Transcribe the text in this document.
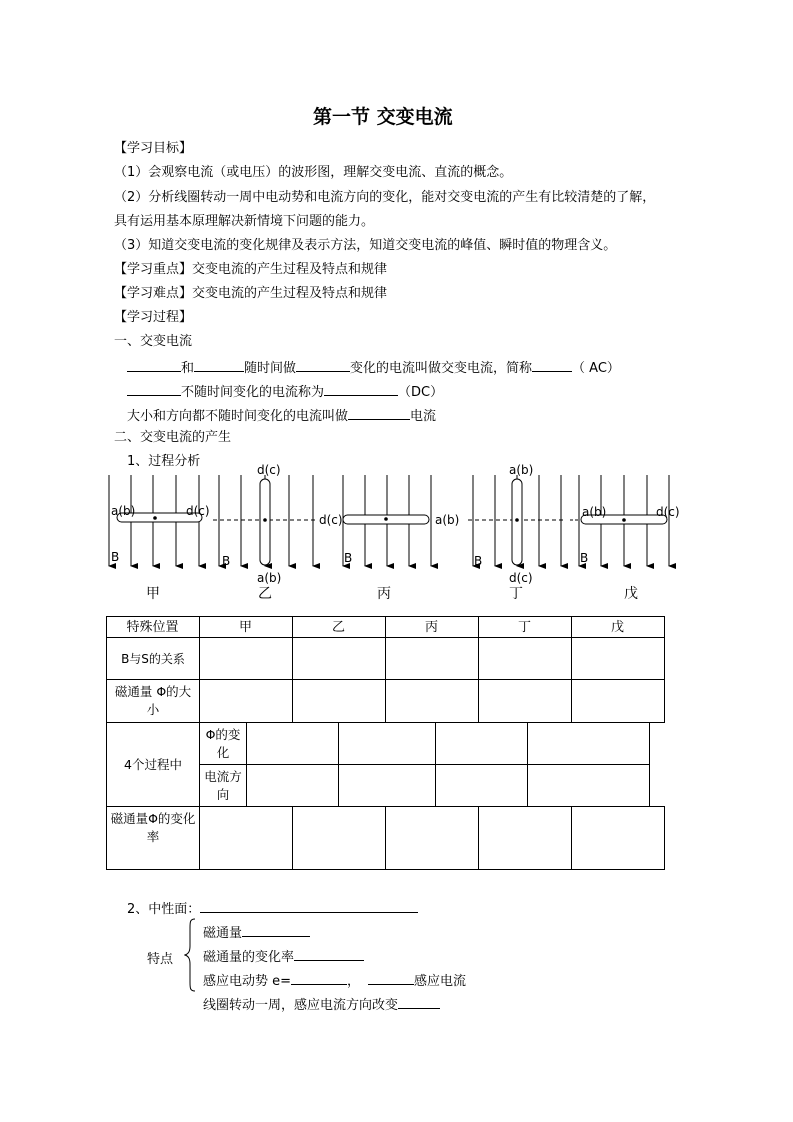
第一节 交变电流
【学习目标】
（1）会观察电流（或电压）的波形图，理解交变电流、直流的概念。
（2）分析线圈转动一周中电动势和电流方向的变化，能对交变电流的产生有比较清楚的了解，
具有运用基本原理解决新情境下问题的能力。
（3）知道交变电流的变化规律及表示方法，知道交变电流的峰值、瞬时值的物理含义。
【学习重点】交变电流的产生过程及特点和规律
【学习难点】交变电流的产生过程及特点和规律
【学习过程】
一、交变电流
和	随时间做	变化的电流叫做交变电流，简称	（ AC）
不随时间变化的电流称为	（DC）
大小和方向都不随时间变化的电流叫做	电流
二、交变电流的产生
1、过程分析
a(b)	d(c)
B
d(c)
a(b)
B
d(c)	a(b)
B
a(b)
d(c)
B
a(b)	d(c)
B
甲	乙	丙	丁	戊
特殊位置	甲	乙	丙	丁	戊
B与S的关系
磁通量 Φ的大小
4个过程中
Φ的变化
电流方向
磁通量Φ的变化率
2、中性面：
特点
磁通量
磁通量的变化率
感应电动势 e=	，	感应电流
线圈转动一周，感应电流方向改变
